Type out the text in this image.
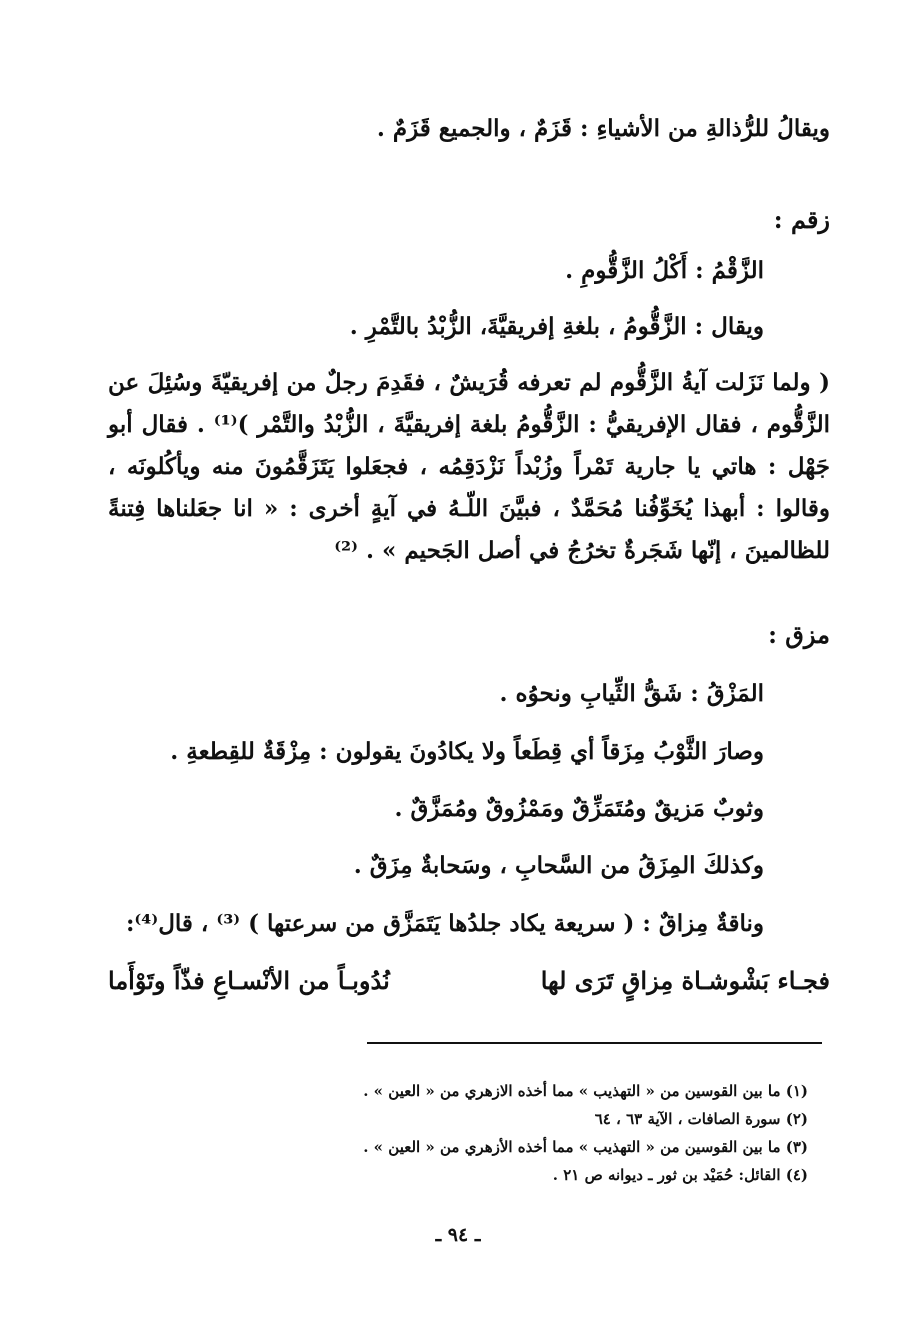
ويقالُ للرُّذالةِ من الأشياءِ : قَزَمٌ ، والجميع قَزَمٌ .
زقم :
الزَّقْمُ : أَكْلُ الزَّقُّومِ .
ويقال : الزَّقُّومُ ، بلغةِ إفريقيَّةَ، الزُّبْدُ بالتَّمْرِ .
( ولما نَزَلت آيةُ الزَّقُّوم لم تعرفه قُرَيشٌ ، فقَدِمَ رجلٌ من إفريقيّةَ وسُئِلَ عن
الزَّقُّوم ، فقال الإفريقيُّ : الزَّقُّومُ بلغة إفريقيَّةَ ، الزُّبْدُ والتَّمْر )⁽¹⁾ . فقال أبو
جَهْل : هاتي يا جارية تَمْراً وزُبْداً نَزْدَقِمُه ، فجعَلوا يَتَزَقَّمُونَ منه ويأكُلونَه ،
وقالوا : أبهذا يُخَوِّفُنا مُحَمَّدٌ ، فبيَّنَ اللّـهُ في آيةٍ أخرى : « انا جعَلناها فِتنةً
للظالمينَ ، إنّها شَجَرةٌ تخرُجُ في أصل الجَحيم » . ⁽²⁾
مزق :
المَزْقُ : شَقُّ الثِّيابِ ونحوُه .
وصارَ الثَّوْبُ مِزَقاً أي قِطَعاً ولا يكادُونَ يقولون : مِزْقَةٌ للقِطعةِ .
وثوبٌ مَزيقٌ ومُتَمَزِّقٌ ومَمْزُوقٌ ومُمَزَّقٌ .
وكذلكَ المِزَقُ من السَّحابِ ، وسَحابةٌ مِزَقٌ .
وناقةٌ مِزاقٌ : ( سريعة يكاد جلدُها يَتَمَزَّق من سرعتها ) ⁽³⁾ ، قال⁽⁴⁾:
فجـاء بَشْوشـاة مِزاقٍ تَرَى لها
نُدُوبـاً من الأنْسـاعِ فذّاً وتَوْأَما
(١) ما بين القوسين من « التهذيب » مما أخذه الازهري من « العين » .
(٢) سورة الصافات ، الآية ٦٣ ، ٦٤
(٣) ما بين القوسين من « التهذيب » مما أخذه الأزهري من « العين » .
(٤) القائل: حُمَيْد بن ثور ـ ديوانه ص ٢١ .
ـ ٩٤ ـ
